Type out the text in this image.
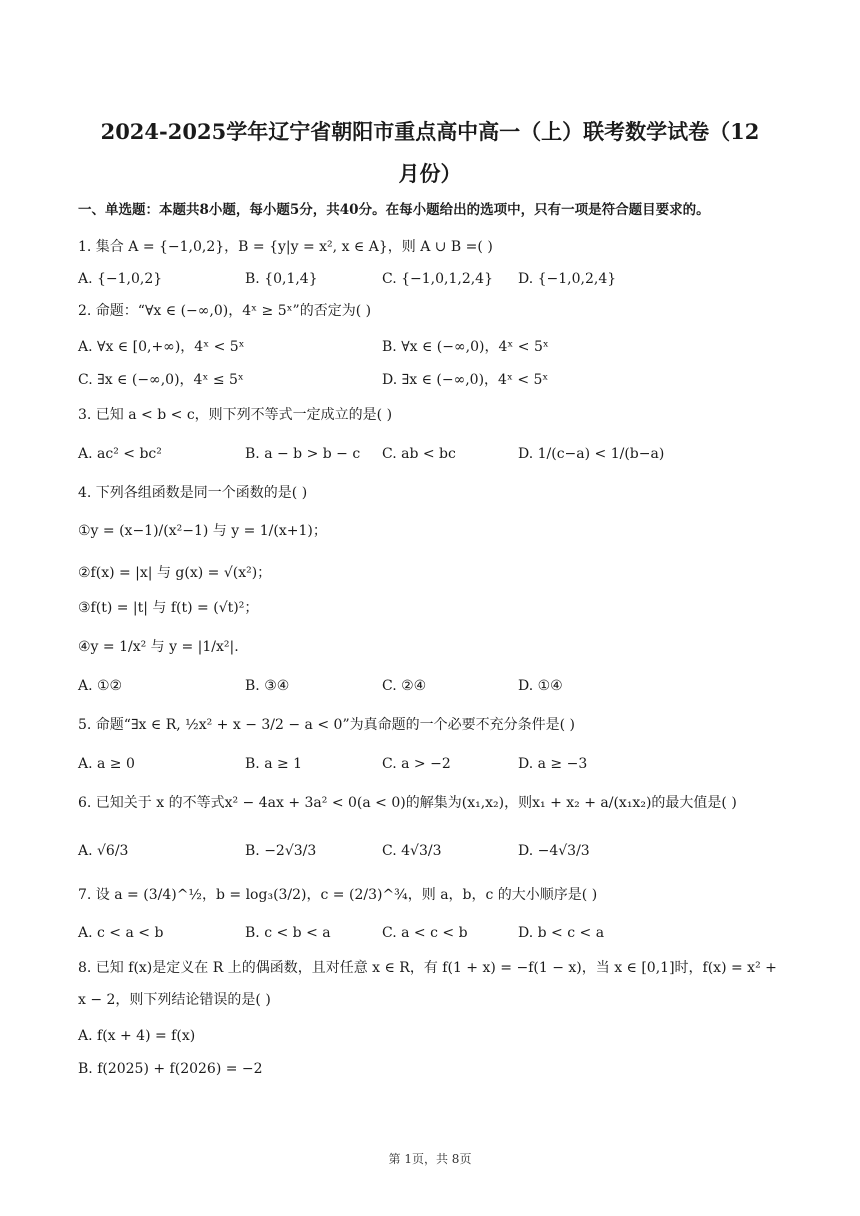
2024-2025学年辽宁省朝阳市重点高中高一（上）联考数学试卷（12
月份）
一、单选题：本题共8小题，每小题5分，共40分。在每小题给出的选项中，只有一项是符合题目要求的。
1. 集合 A = {−1,0,2}，B = {y|y = x², x ∈ A}，则 A ∪ B =( )
A. {−1,0,2}	B. {0,1,4}	C. {−1,0,1,2,4} D. {−1,0,2,4}
2. 命题：“∀x ∈ (−∞,0)，4ˣ ≥ 5ˣ”的否定为( )
A. ∀x ∈ [0,+∞)，4ˣ < 5ˣ	B. ∀x ∈ (−∞,0)，4ˣ < 5ˣ
C. ∃x ∈ (−∞,0)，4ˣ ≤ 5ˣ	D. ∃x ∈ (−∞,0)，4ˣ < 5ˣ
3. 已知 a < b < c，则下列不等式一定成立的是( )
A. ac² < bc²	B. a − b > b − c C. ab < bc	D. 1/(c−a) < 1/(b−a)
4. 下列各组函数是同一个函数的是( )
①y = (x−1)/(x²−1) 与 y = 1/(x+1)；
②f(x) = |x| 与 g(x) = √(x²)；
③f(t) = |t| 与 f(t) = (√t)²；
④y = 1/x² 与 y = |1/x²|.
A. ①②	B. ③④	C. ②④	D. ①④
5. 命题“∃x ∈ R, ½x² + x − 3/2 − a < 0”为真命题的一个必要不充分条件是( )
A. a ≥ 0	B. a ≥ 1	C. a > −2	D. a ≥ −3
6. 已知关于 x 的不等式x² − 4ax + 3a² < 0(a < 0)的解集为(x₁,x₂)，则x₁ + x₂ + a/(x₁x₂)的最大值是( )
A. √6/3	B. −2√3/3	C. 4√3/3	D. −4√3/3
7. 设 a = (3/4)^½，b = log₃(3/2)，c = (2/3)^¾，则 a，b，c 的大小顺序是( )
A. c < a < b	B. c < b < a	C. a < c < b	D. b < c < a
8. 已知 f(x)是定义在 R 上的偶函数，且对任意 x ∈ R，有 f(1 + x) = −f(1 − x)，当 x ∈ [0,1]时，f(x) = x² +
x − 2，则下列结论错误的是( )
A. f(x + 4) = f(x)
B. f(2025) + f(2026) = −2
第 1页，共 8页
